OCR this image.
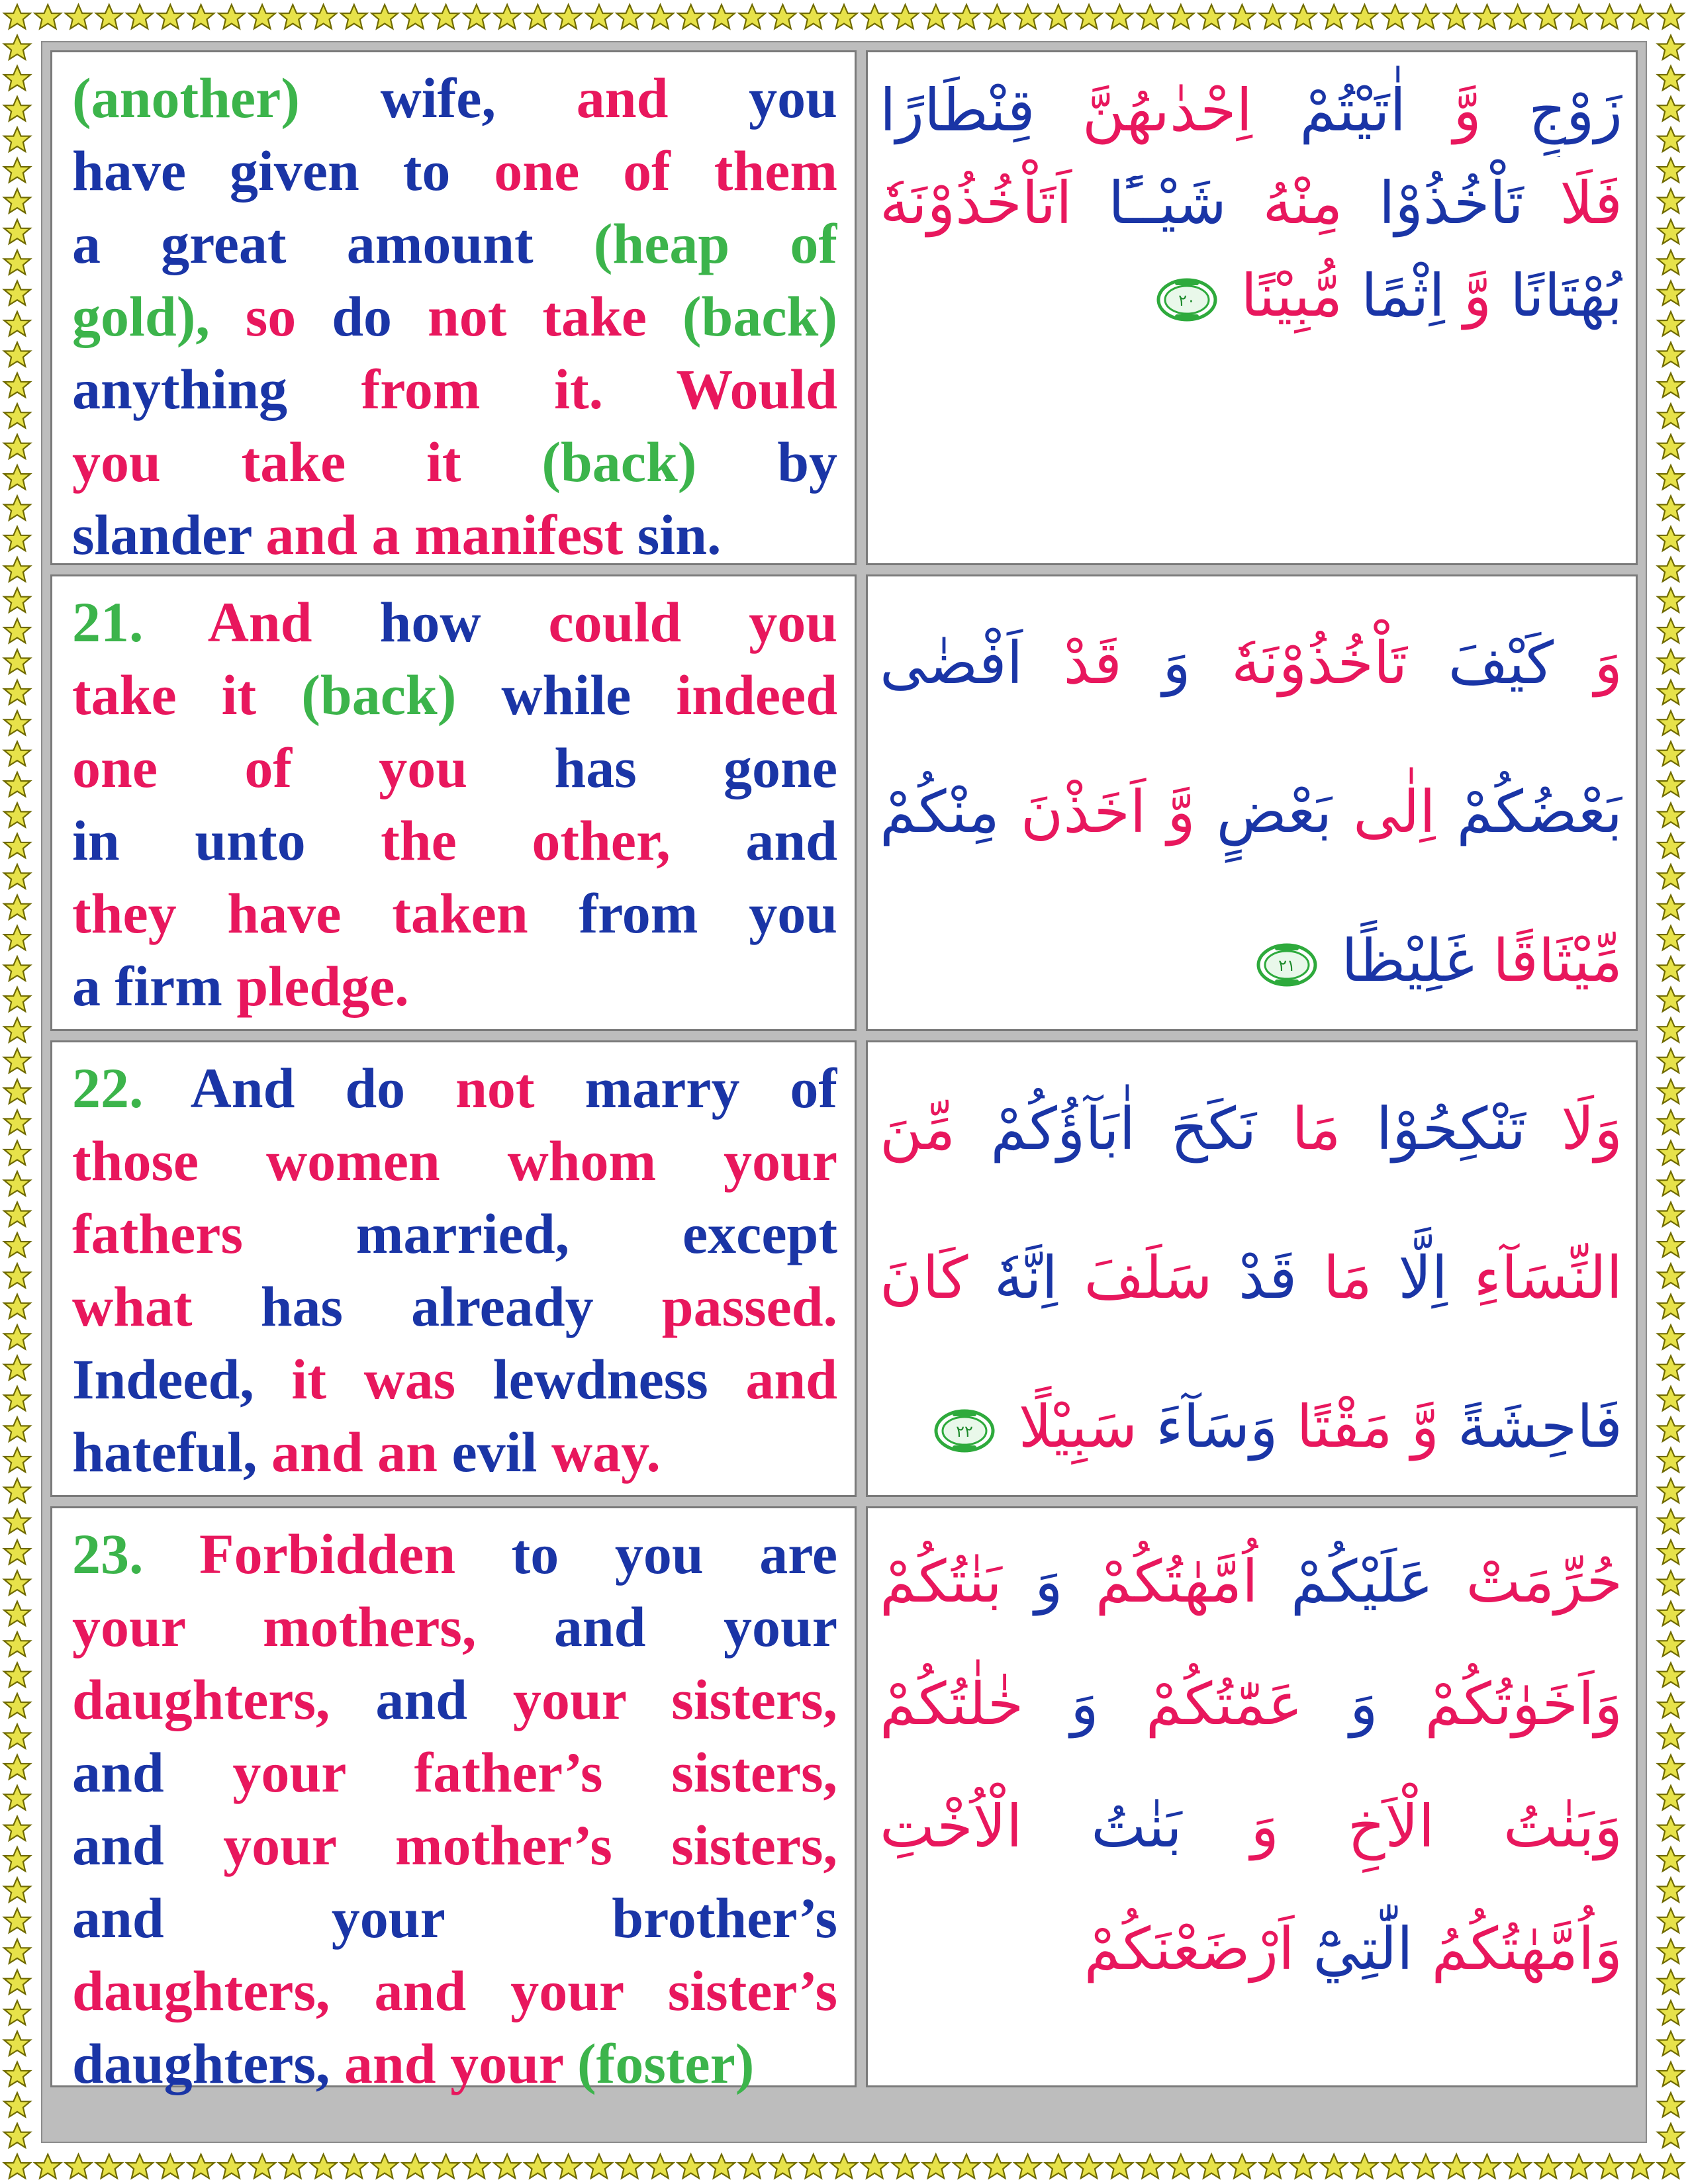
(another) wife, and you
have given to one of them
a great amount (heap of
gold), so do not take (back)
anything from it. Would
you take it (back) by
slander and a manifest sin.
زَوْجٍ وَّ اٰتَيْتُمْ اِحْدٰىهُنَّ قِنْطَارًا
فَلَا تَاْخُذُوْا مِنْهُ شَيْــًٔا اَتَاْخُذُوْنَهٗ
بُهْتَانًا وَّ اِثْمًا مُّبِيْنًا
٢٠
21. And how could you
take it (back) while indeed
one of you has gone
in unto the other, and
they have taken from you
a firm pledge.
وَ كَيْفَ تَاْخُذُوْنَهٗ وَ قَدْ اَفْضٰى
بَعْضُكُمْ اِلٰى بَعْضٍ وَّ اَخَذْنَ مِنْكُمْ
مِّيْثَاقًا غَلِيْظًا
٢١
22. And do not marry of
those women whom your
fathers married, except
what has already passed.
Indeed, it was lewdness and
hateful, and an evil way.
وَلَا تَنْكِحُوْا مَا نَكَحَ اٰبَآؤُكُمْ مِّنَ
النِّسَآءِ اِلَّا مَا قَدْ سَلَفَ اِنَّهٗ كَانَ
فَاحِشَةً وَّ مَقْتًا وَسَآءَ سَبِيْلًا
٢٢
23. Forbidden to you are
your mothers, and your
daughters, and your sisters,
and your father’s sisters,
and your mother’s sisters,
and	your	brother’s
daughters, and your sister’s
daughters, and your (foster)
حُرِّمَتْ عَلَيْكُمْ اُمَّهٰتُكُمْ وَ بَنٰتُكُمْ
وَاَخَوٰتُكُمْ وَ عَمّٰتُكُمْ وَ خٰلٰتُكُمْ
وَبَنٰتُ الْاَخِ وَ بَنٰتُ الْاُخْتِ
وَاُمَّهٰتُكُمُ الّٰتِيْٓ اَرْضَعْنَكُمْ
